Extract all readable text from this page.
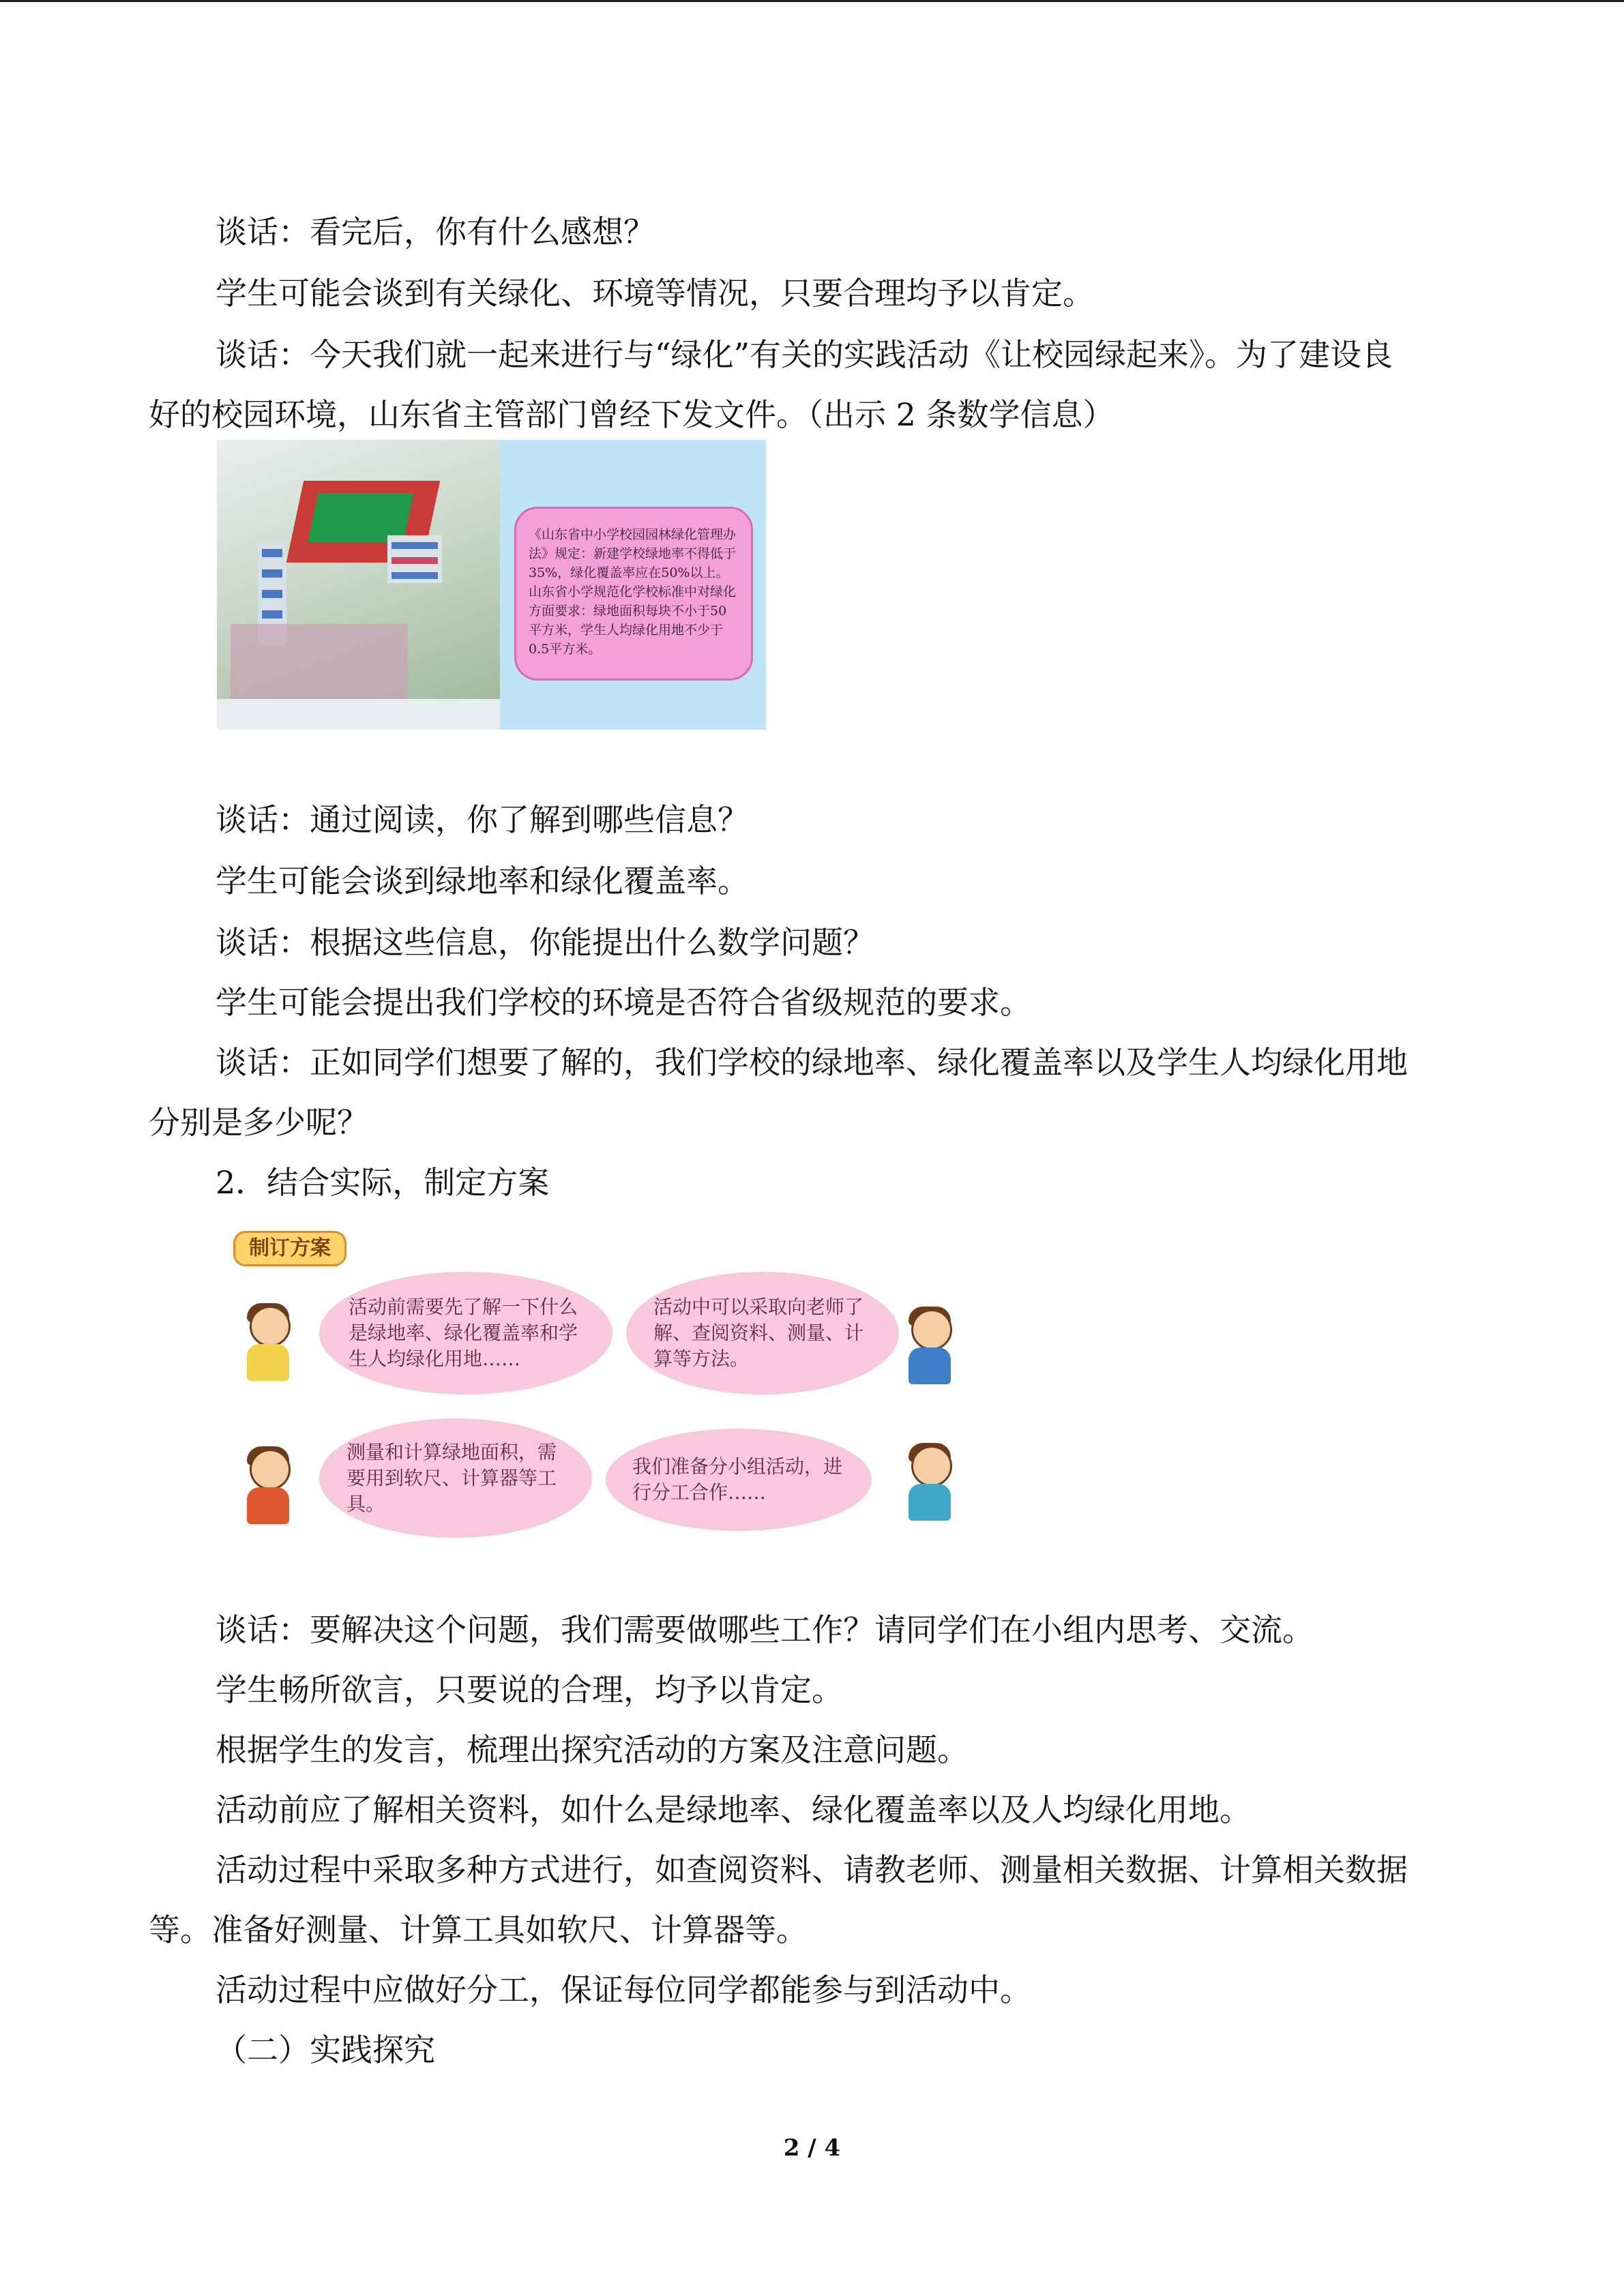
谈话：看完后，你有什么感想？
学生可能会谈到有关绿化、环境等情况，只要合理均予以肯定。
谈话：今天我们就一起来进行与“绿化”有关的实践活动《让校园绿起来》。为了建设良
好的校园环境，山东省主管部门曾经下发文件。（出示 2 条数学信息）
《山东省中小学校园园林绿化管理办法》规定：新建学校绿地率不得低于35%，绿化覆盖率应在50%以上。山东省小学规范化学校标准中对绿化方面要求：绿地面积每块不小于50平方米，学生人均绿化用地不少于0.5平方米。
谈话：通过阅读，你了解到哪些信息？
学生可能会谈到绿地率和绿化覆盖率。
谈话：根据这些信息，你能提出什么数学问题？
学生可能会提出我们学校的环境是否符合省级规范的要求。
谈话：正如同学们想要了解的，我们学校的绿地率、绿化覆盖率以及学生人均绿化用地
分别是多少呢？
2．结合实际，制定方案
制订方案
活动前需要先了解一下什么是绿地率、绿化覆盖率和学生人均绿化用地……
活动中可以采取向老师了解、查阅资料、测量、计算等方法。
测量和计算绿地面积，需要用到软尺、计算器等工具。
我们准备分小组活动，进行分工合作……
谈话：要解决这个问题，我们需要做哪些工作？请同学们在小组内思考、交流。
学生畅所欲言，只要说的合理，均予以肯定。
根据学生的发言，梳理出探究活动的方案及注意问题。
活动前应了解相关资料，如什么是绿地率、绿化覆盖率以及人均绿化用地。
活动过程中采取多种方式进行，如查阅资料、请教老师、测量相关数据、计算相关数据
等。准备好测量、计算工具如软尺、计算器等。
活动过程中应做好分工，保证每位同学都能参与到活动中。
（二）实践探究
2 / 4
